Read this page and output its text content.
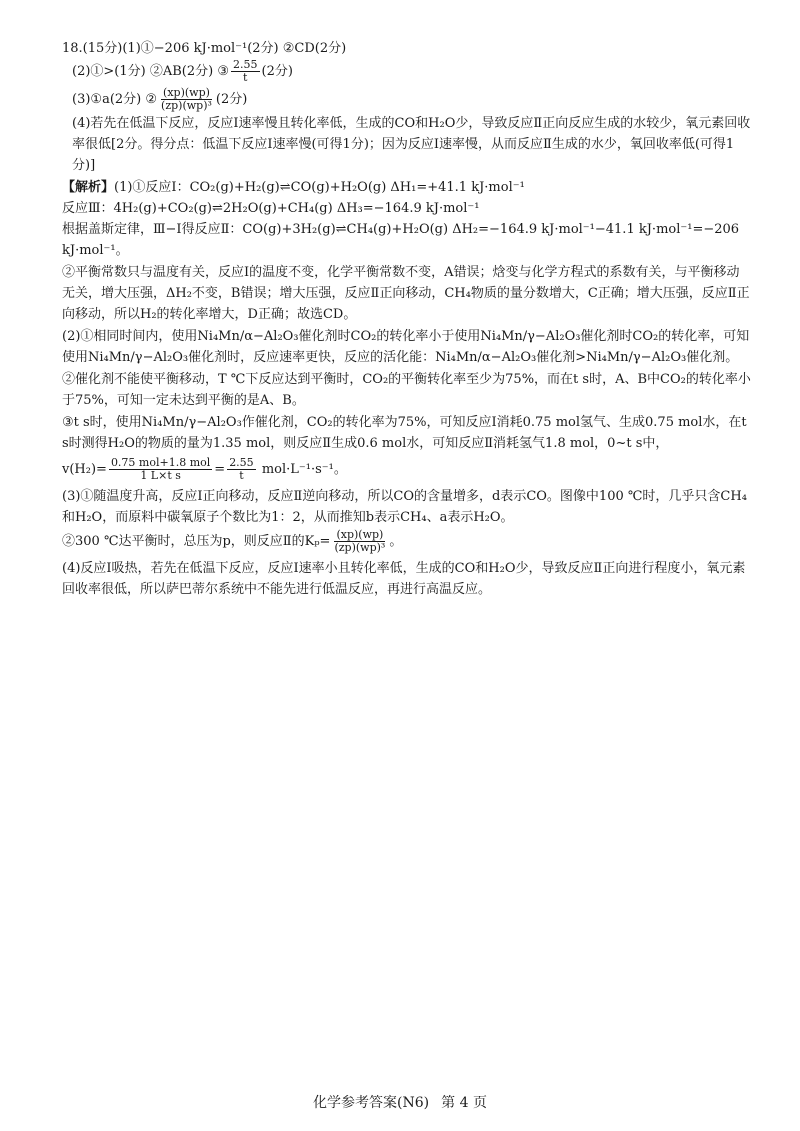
18.(15分)(1)①−206 kJ·mol⁻¹(2分) ②CD(2分)
(2)①>(1分) ②AB(2分) ③ $\frac{2.55}{t} (2$分)
(3)①a(2分) ② $\frac{(xp)(wp)}{\text{(zp)(wp)³}} (2$分)
(4)若先在低温下反应，反应Ⅰ速率慢且转化率低，生成的CO和H₂O少，导致反应Ⅱ正向反应生成的水较少，氧元素回收率很低[2分。得分点：低温下反应Ⅰ速率慢(可得1分)；因为反应Ⅰ速率慢，从而反应Ⅱ生成的水少，氧回收率低(可得1分)]
【解析】(1)①反应Ⅰ：CO₂(g)+H₂(g)⇌CO(g)+H₂O(g) ΔH₁=+41.1 kJ·mol⁻¹
反应Ⅲ：4H₂(g)+CO₂(g)⇌2H₂O(g)+CH₄(g) ΔH₃=−164.9 kJ·mol⁻¹
根据盖斯定律，Ⅲ−Ⅰ得反应Ⅱ：CO(g)+3H₂(g)⇌CH₄(g)+H₂O(g) ΔH₂=−164.9 kJ·mol⁻¹−41.1 kJ·mol⁻¹=−206 kJ·mol⁻¹。
②平衡常数只与温度有关，反应Ⅰ的温度不变，化学平衡常数不变，A错误；焓变与化学方程式的系数有关，与平衡移动无关，增大压强，ΔH₂不变，B错误；增大压强，反应Ⅱ正向移动，CH₄物质的量分数增大，C正确；增大压强，反应Ⅱ正向移动，所以H₂的转化率增大，D正确；故选CD。
(2)①相同时间内，使用Ni₄Mn/α−Al₂O₃催化剂时CO₂的转化率小于使用Ni₄Mn/γ−Al₂O₃催化剂时CO₂的转化率，可知使用Ni₄Mn/γ−Al₂O₃催化剂时，反应速率更快，反应的活化能：Ni₄Mn/α−Al₂O₃催化剂>Ni₄Mn/γ−Al₂O₃催化剂。
②催化剂不能使平衡移动，T ℃下反应达到平衡时，CO₂的平衡转化率至少为75%，而在t s时，A、B中CO₂的转化率小于75%，可知一定未达到平衡的是A、B。
③t s时，使用Ni₄Mn/γ−Al₂O₃作催化剂，CO₂的转化率为75%，可知反应Ⅰ消耗0.75 mol氢气、生成0.75 mol水，在t s时测得H₂O的物质的量为1.35 mol，则反应Ⅱ生成0.6 mol水，可知反应Ⅱ消耗氢气1.8 mol，0~t s中，
$v(H_2)= \frac{\text{0.75 mol+1.8 mol}}{\text{1 L×t s}} = \frac{2.55}{t} mol\cdot L^{-1}\cdot s^{-1}$。
(3)①随温度升高，反应Ⅰ正向移动，反应Ⅱ逆向移动，所以CO的含量增多，d表示CO。图像中100 ℃时，几乎只含CH₄和H₂O，而原料中碳氧原子个数比为1：2，从而推知b表示CH₄、a表示H₂O。
②300 ℃达平衡时，总压为p，则反应Ⅱ的$K_p= \frac{(xp)(wp)}{\text{(zp)(wp)³}}$ 。
(4)反应Ⅰ吸热，若先在低温下反应，反应Ⅰ速率小且转化率低，生成的CO和H₂O少，导致反应Ⅱ正向进行程度小，氧元素回收率很低，所以萨巴蒂尔系统中不能先进行低温反应，再进行高温反应。
化学参考答案(N6) 第 4 页
